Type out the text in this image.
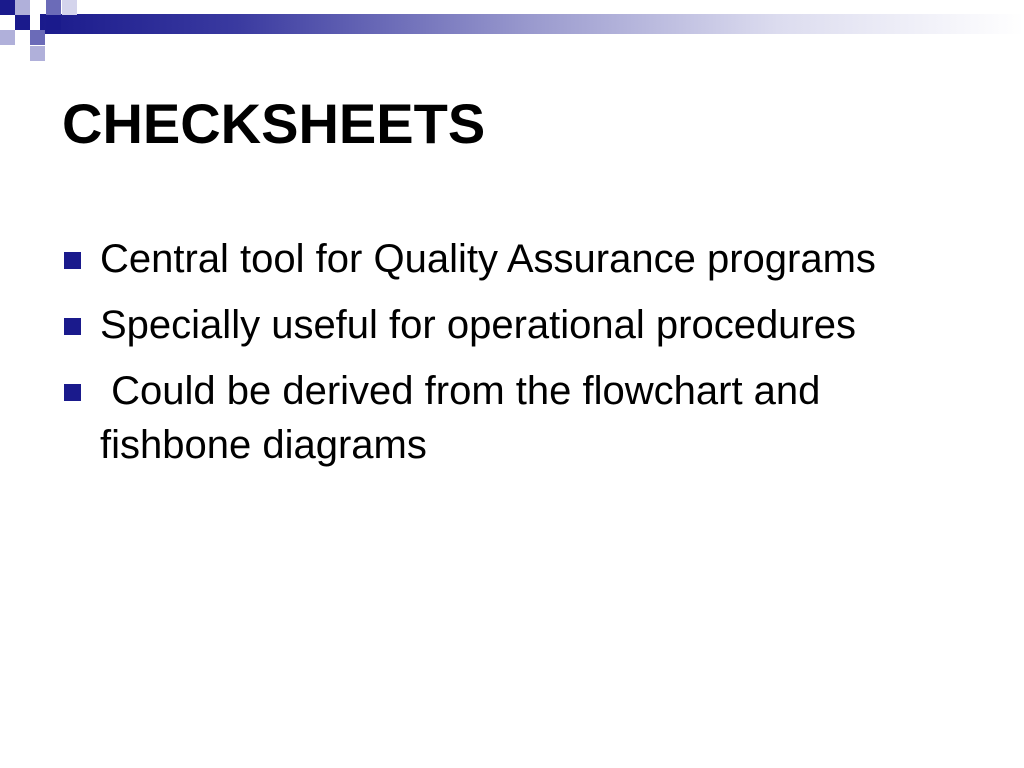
CHECKSHEETS
Central tool for Quality Assurance programs
Specially useful for operational procedures
Could be derived from the flowchart and fishbone diagrams
